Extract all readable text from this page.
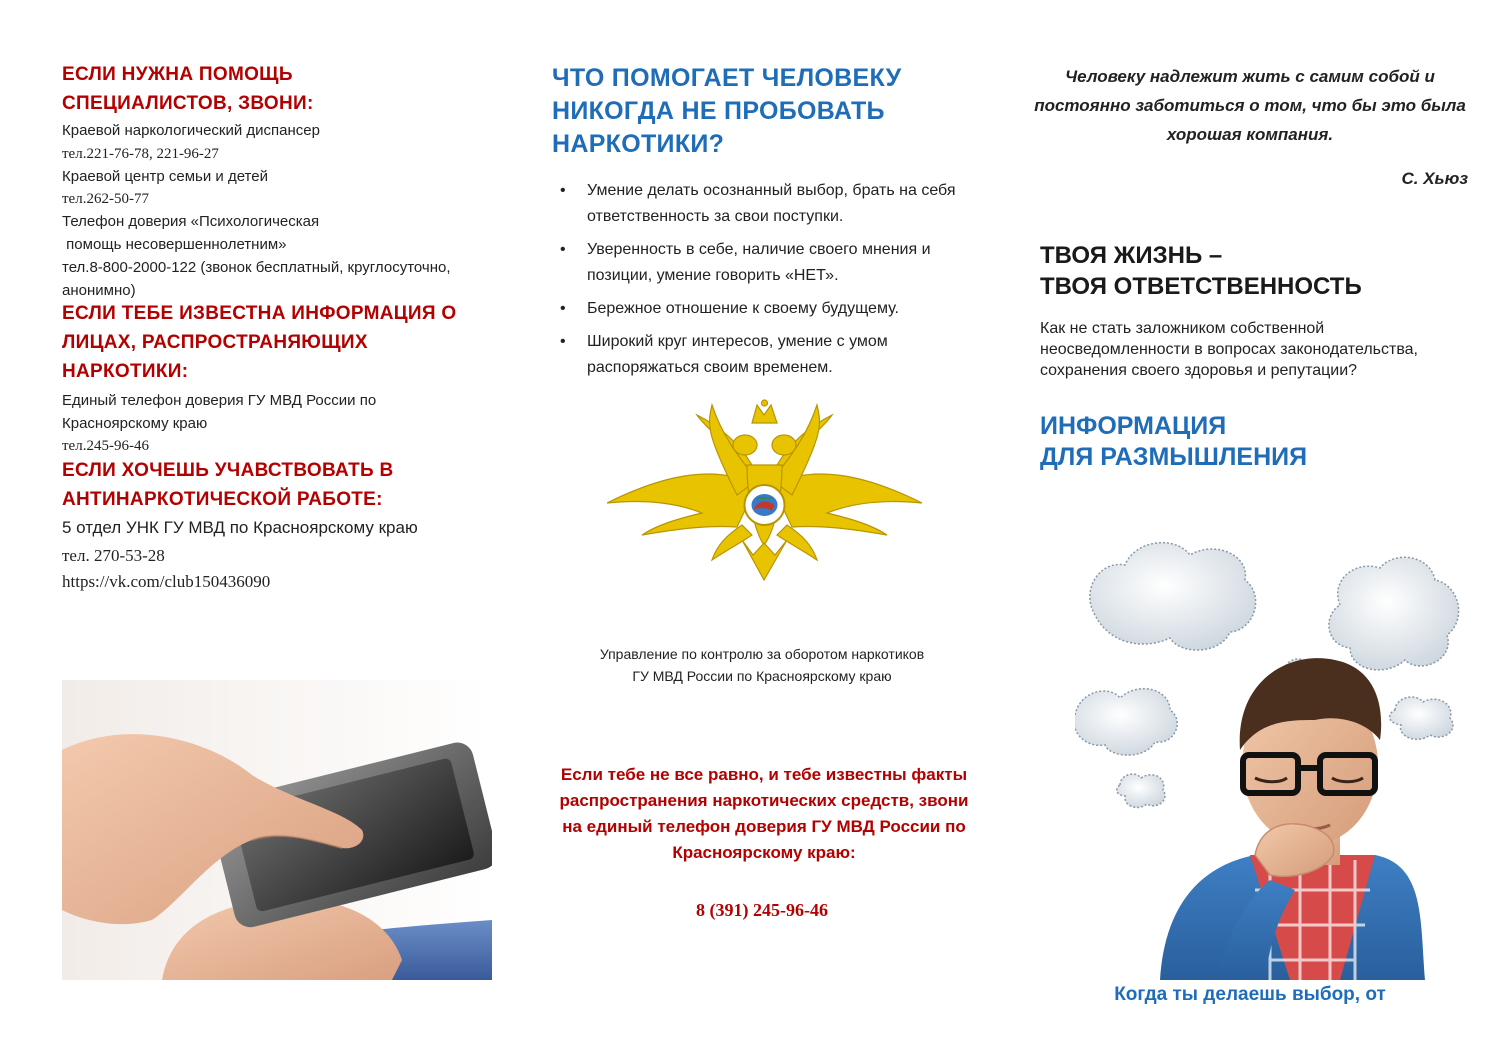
ЕСЛИ НУЖНА ПОМОЩЬ СПЕЦИАЛИСТОВ, ЗВОНИ:

Краевой наркологический диспансер

тел.221-76-78, 221-96-27

Краевой центр семьи и детей

тел.262-50-77

Телефон доверия «Психологическая

помощь несовершеннолетним»

тел.8-800-2000-122 (звонок бесплатный, круглосуточно, анонимно)

ЕСЛИ ТЕБЕ ИЗВЕСТНА ИНФОРМАЦИЯ О ЛИЦАХ, РАСПРОСТРАНЯЮЩИХ НАРКОТИКИ:

Единый телефон доверия ГУ МВД России по Красноярскому краю

тел.245-96-46

ЕСЛИ ХОЧЕШЬ УЧАВСТВОВАТЬ В АНТИНАРКОТИЧЕСКОЙ РАБОТЕ:

5 отдел УНК ГУ МВД по Красноярскому краю

тел. 270-53-28

https://vk.com/club150436090

ЧТО ПОМОГАЕТ ЧЕЛОВЕКУ НИКОГДА НЕ ПРОБОВАТЬ НАРКОТИКИ?

• Умение делать осознанный выбор, брать на себя ответственность за свои поступки.
• Уверенность в себе, наличие своего мнения и позиции, умение говорить «НЕТ».
• Бережное отношение к своему будущему.
• Широкий круг интересов, умение с умом распоряжаться своим временем.

Управление по контролю за оборотом наркотиков

ГУ МВД России по Красноярскому краю

Если тебе не все равно, и тебе известны факты распространения наркотических средств, звони на единый телефон доверия ГУ МВД России по Красноярскому краю:

8 (391) 245-96-46

Человеку надлежит жить с самим собой и постоянно заботиться о том, что бы это была хорошая компания.

С. Хьюз

ТВОЯ ЖИЗНЬ –

ТВОЯ ОТВЕТСТВЕННОСТЬ

Как не стать заложником собственной неосведомленности в вопросах законодательства, сохранения своего здоровья и репутации?

ИНФОРМАЦИЯ

ДЛЯ РАЗМЫШЛЕНИЯ

Когда ты делаешь выбор, от
